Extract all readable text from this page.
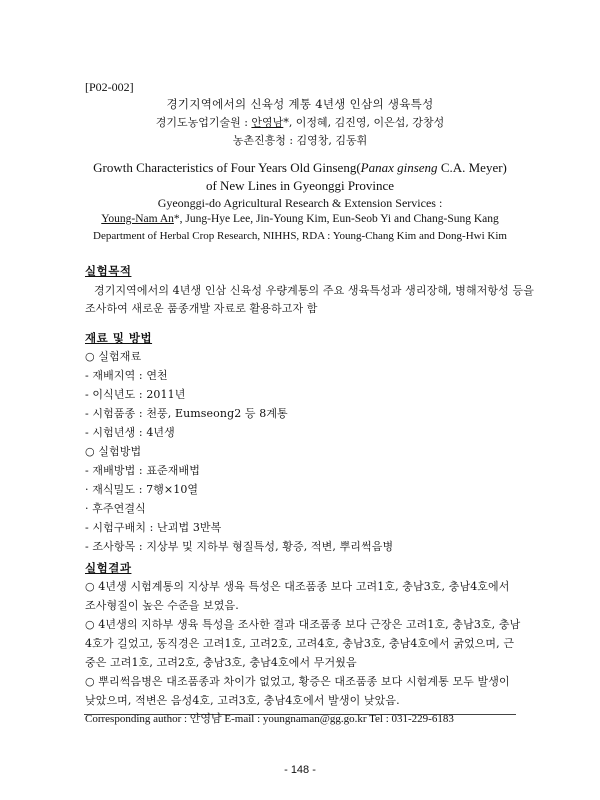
[P02-002]
경기지역에서의 신육성 계통 4년생 인삼의 생육특성
경기도농업기술원 : 안영남*, 이정혜, 김진영, 이은섭, 강창성
농촌진흥청 : 김영창, 김동휘
Growth Characteristics of Four Years Old Ginseng(Panax ginseng C.A. Meyer)
of New Lines in Gyeonggi Province
Gyeonggi-do Agricultural Research & Extension Services :
Young-Nam An*, Jung-Hye Lee, Jin-Young Kim, Eun-Seob Yi and Chang-Sung Kang
Department of Herbal Crop Research, NIHHS, RDA : Young-Chang Kim and Dong-Hwi Kim
실험목적
경기지역에서의 4년생 인삼 신육성 우량계통의 주요 생육특성과 생리장해, 병해저항성 등을
조사하여 새로운 품종개발 자료로 활용하고자 함
재료 및 방법
○ 실험재료
- 재배지역 : 연천
- 이식년도 : 2011년
- 시험품종 : 천풍, Eumseong2 등 8계통
- 시험년생 : 4년생
○ 실험방법
- 재배방법 : 표준재배법
· 재식밀도 : 7행×10열
· 후주연결식
- 시험구배치 : 난괴법 3반복
- 조사항목 : 지상부 및 지하부 형질특성, 황증, 적변, 뿌리썩음병
실험결과
○ 4년생 시험계통의 지상부 생육 특성은 대조품종 보다 고려1호, 충남3호, 충남4호에서
조사형질이 높은 수준을 보였음.
○ 4년생의 지하부 생육 특성을 조사한 결과 대조품종 보다 근장은 고려1호, 충남3호, 충남
4호가 길었고, 동직경은 고려1호, 고려2호, 고려4호, 충남3호, 충남4호에서 굵었으며, 근
중은 고려1호, 고려2호, 충남3호, 충남4호에서 무거웠음
○ 뿌리썩음병은 대조품종과 차이가 없었고, 황증은 대조품종 보다 시험계통 모두 발생이
낮았으며, 적변은 음성4호, 고려3호, 충남4호에서 발생이 낮았음.
Corresponding author : 안영남 E-mail : youngnaman@gg.go.kr Tel : 031-229-6183
- 148 -
